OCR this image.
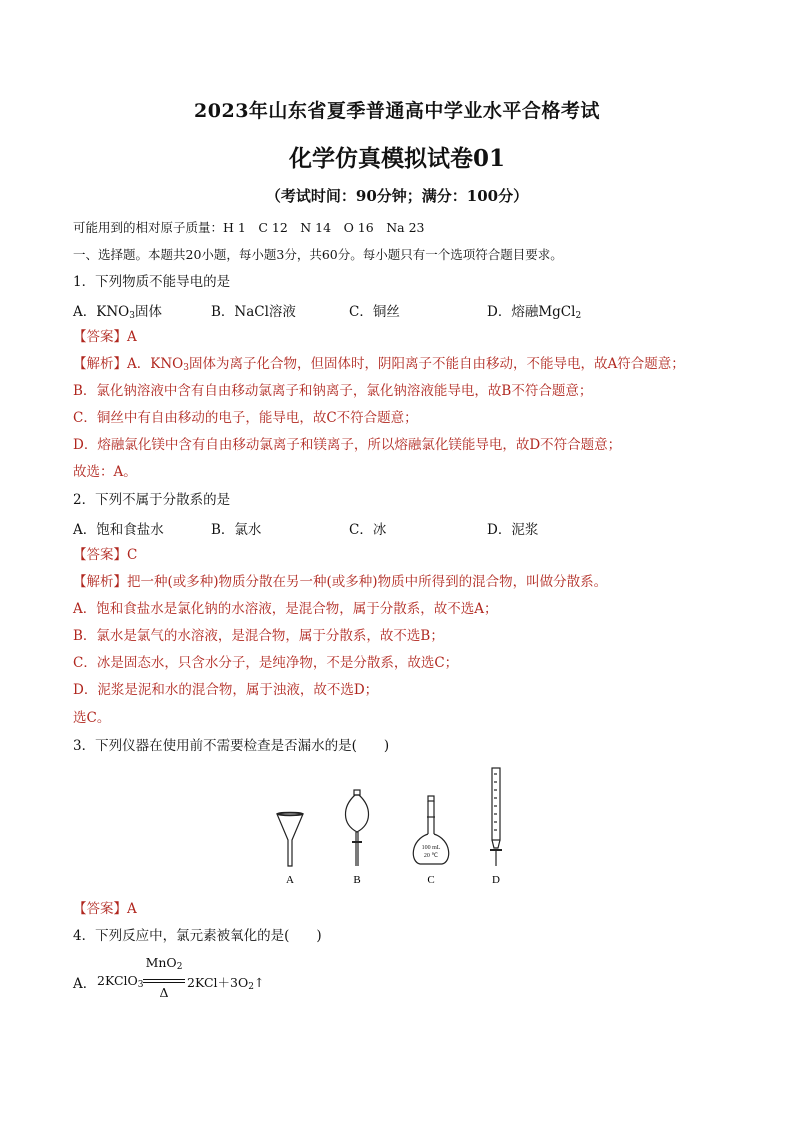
2023年山东省夏季普通高中学业水平合格考试
化学仿真模拟试卷01
（考试时间：90分钟；满分：100分）
可能用到的相对原子质量：H 1　C 12　N 14　O 16　Na 23
一、选择题。本题共20小题，每小题3分，共60分。每小题只有一个选项符合题目要求。
1．下列物质不能导电的是
A．$KNO_3$固体	B．NaCl溶液	C．铜丝	D．熔融MgCl$_2$
【答案】A
【解析】A．$KNO_3$固体为离子化合物，但固体时，阴阳离子不能自由移动，不能导电，故A符合题意；
B．氯化钠溶液中含有自由移动氯离子和钠离子，氯化钠溶液能导电，故B不符合题意；
C．铜丝中有自由移动的电子，能导电，故C不符合题意；
D．熔融氯化镁中含有自由移动氯离子和镁离子，所以熔融氯化镁能导电，故D不符合题意；
故选：A。
2．下列不属于分散系的是
A．饱和食盐水	B．氯水	C．冰	D．泥浆
【答案】C
【解析】把一种(或多种)物质分散在另一种(或多种)物质中所得到的混合物，叫做分散系。
A．饱和食盐水是氯化钠的水溶液，是混合物，属于分散系，故不选A；
B．氯水是氯气的水溶液，是混合物，属于分散系，故不选B；
C．冰是固态水，只含水分子，是纯净物，不是分散系，故选C；
D．泥浆是泥和水的混合物，属于浊液，故不选D；
选C。
3．下列仪器在使用前不需要检查是否漏水的是(　　)
100 mL
20 ℃
A	B	C	D
【答案】A
4．下列反应中，氯元素被氧化的是(　　)
A． 2KClO$_3$
MnO$_2$
Δ
$2KCl+3O_2↑$
